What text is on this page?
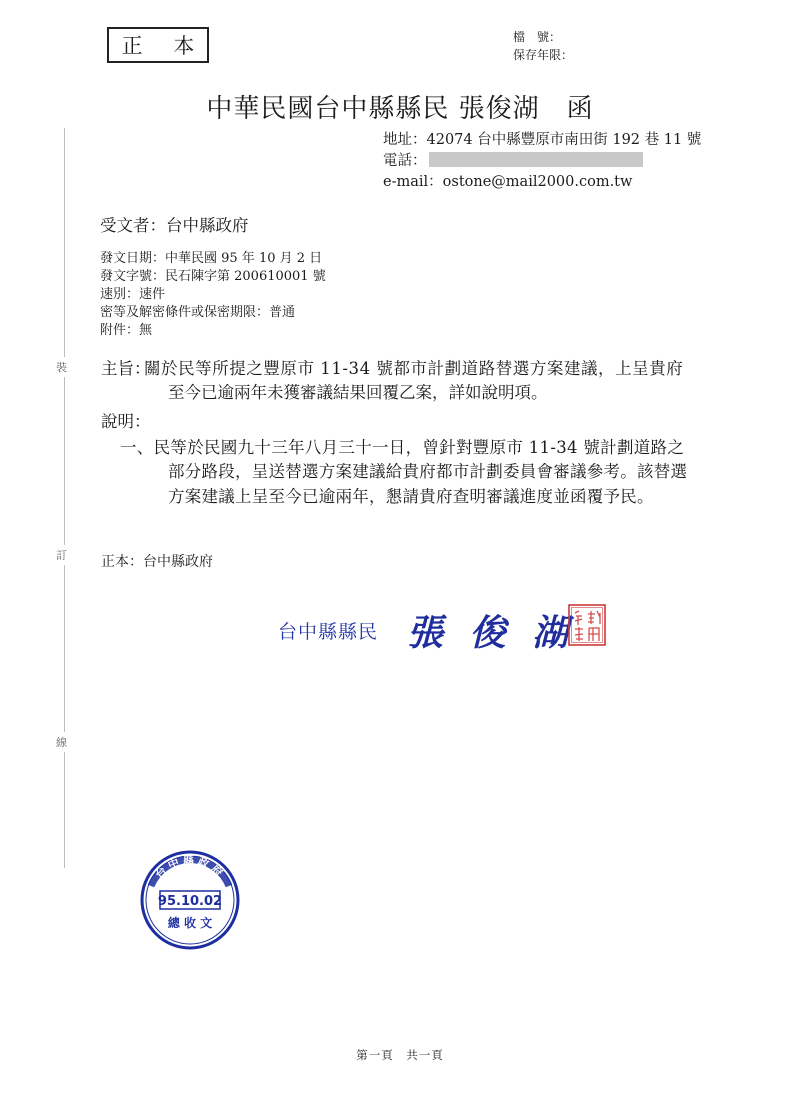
正 本	檔　號：
保存年限：
中華民國台中縣縣民 張俊湖　函
地址：42074 台中縣豐原市南田街 192 巷 11 號
電話：
e-mail：ostone@mail2000.com.tw
受文者：台中縣政府
發文日期：中華民國 95 年 10 月 2 日
發文字號：民石陳字第 200610001 號
速別：速件
密等及解密條件或保密期限：普通
附件：無
主旨：
關於民等所提之豐原市 11-34 號都市計劃道路替選方案建議，上呈貴府
至今已逾兩年未獲審議結果回覆乙案，詳如說明項。
說明：
一、民等於民國九十三年八月三十一日，曾針對豐原市 11-34 號計劃道路之
部分路段，呈送替選方案建議給貴府都市計劃委員會審議參考。該替選
方案建議上呈至今已逾兩年，懇請貴府查明審議進度並函覆予民。
正本：台中縣政府
台中縣縣民 張 俊 湖
裝
訂
線
台中縣政府
95.10.02
總 收 文
第一頁　共一頁
